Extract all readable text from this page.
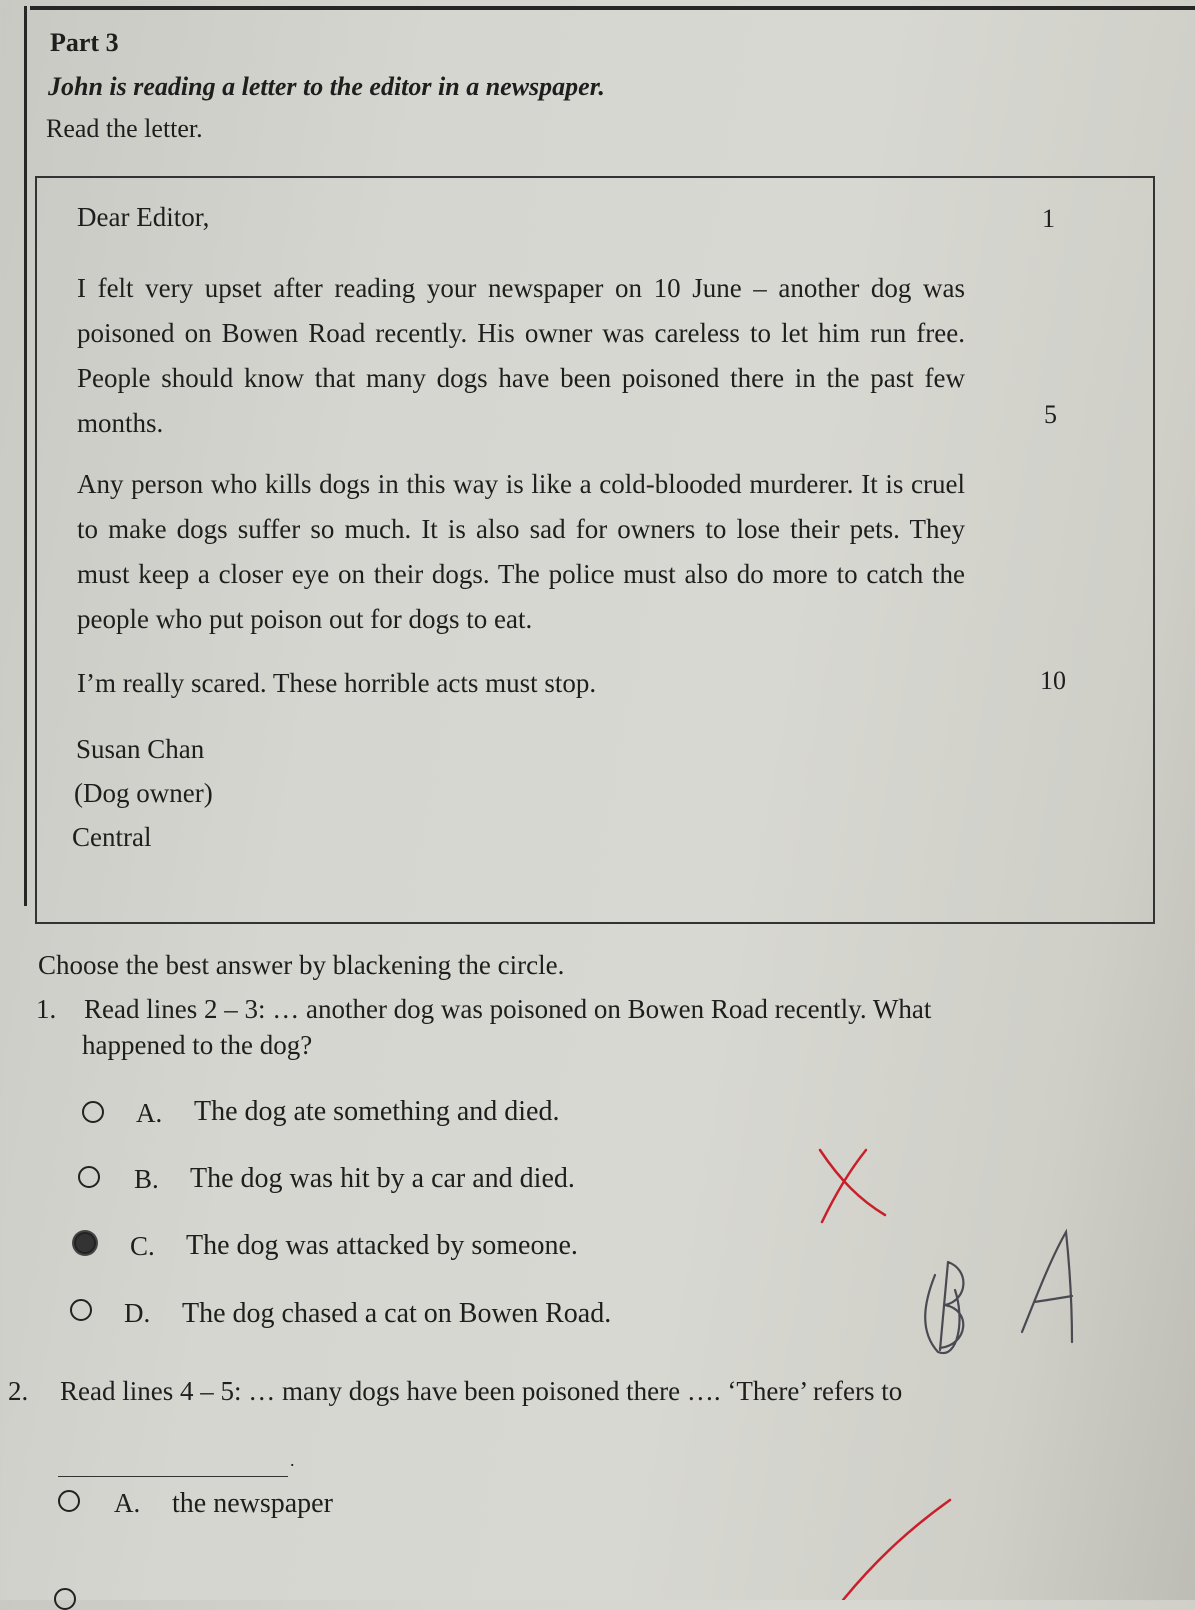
Part 3
John is reading a letter to the editor in a newspaper.
Read the letter.
Dear Editor,	1
I felt very upset after reading your newspaper on 10 June – another dog was poisoned on Bowen Road recently. His owner was careless to let him run free. People should know that many dogs have been poisoned there in the past few months.	5
Any person who kills dogs in this way is like a cold-blooded murderer. It is cruel to make dogs suffer so much. It is also sad for owners to lose their pets. They must keep a closer eye on their dogs. The police must also do more to catch the people who put poison out for dogs to eat.
I’m really scared. These horrible acts must stop.	10
Susan Chan
(Dog owner)
Central
Choose the best answer by blackening the circle.
1. Read lines 2 – 3: … another dog was poisoned on Bowen Road recently. What
happened to the dog?
A. The dog ate something and died.
B. The dog was hit by a car and died.
C. The dog was attacked by someone.
D. The dog chased a cat on Bowen Road.
2. Read lines 4 – 5: … many dogs have been poisoned there …. ‘There’ refers to
.
A. the newspaper
